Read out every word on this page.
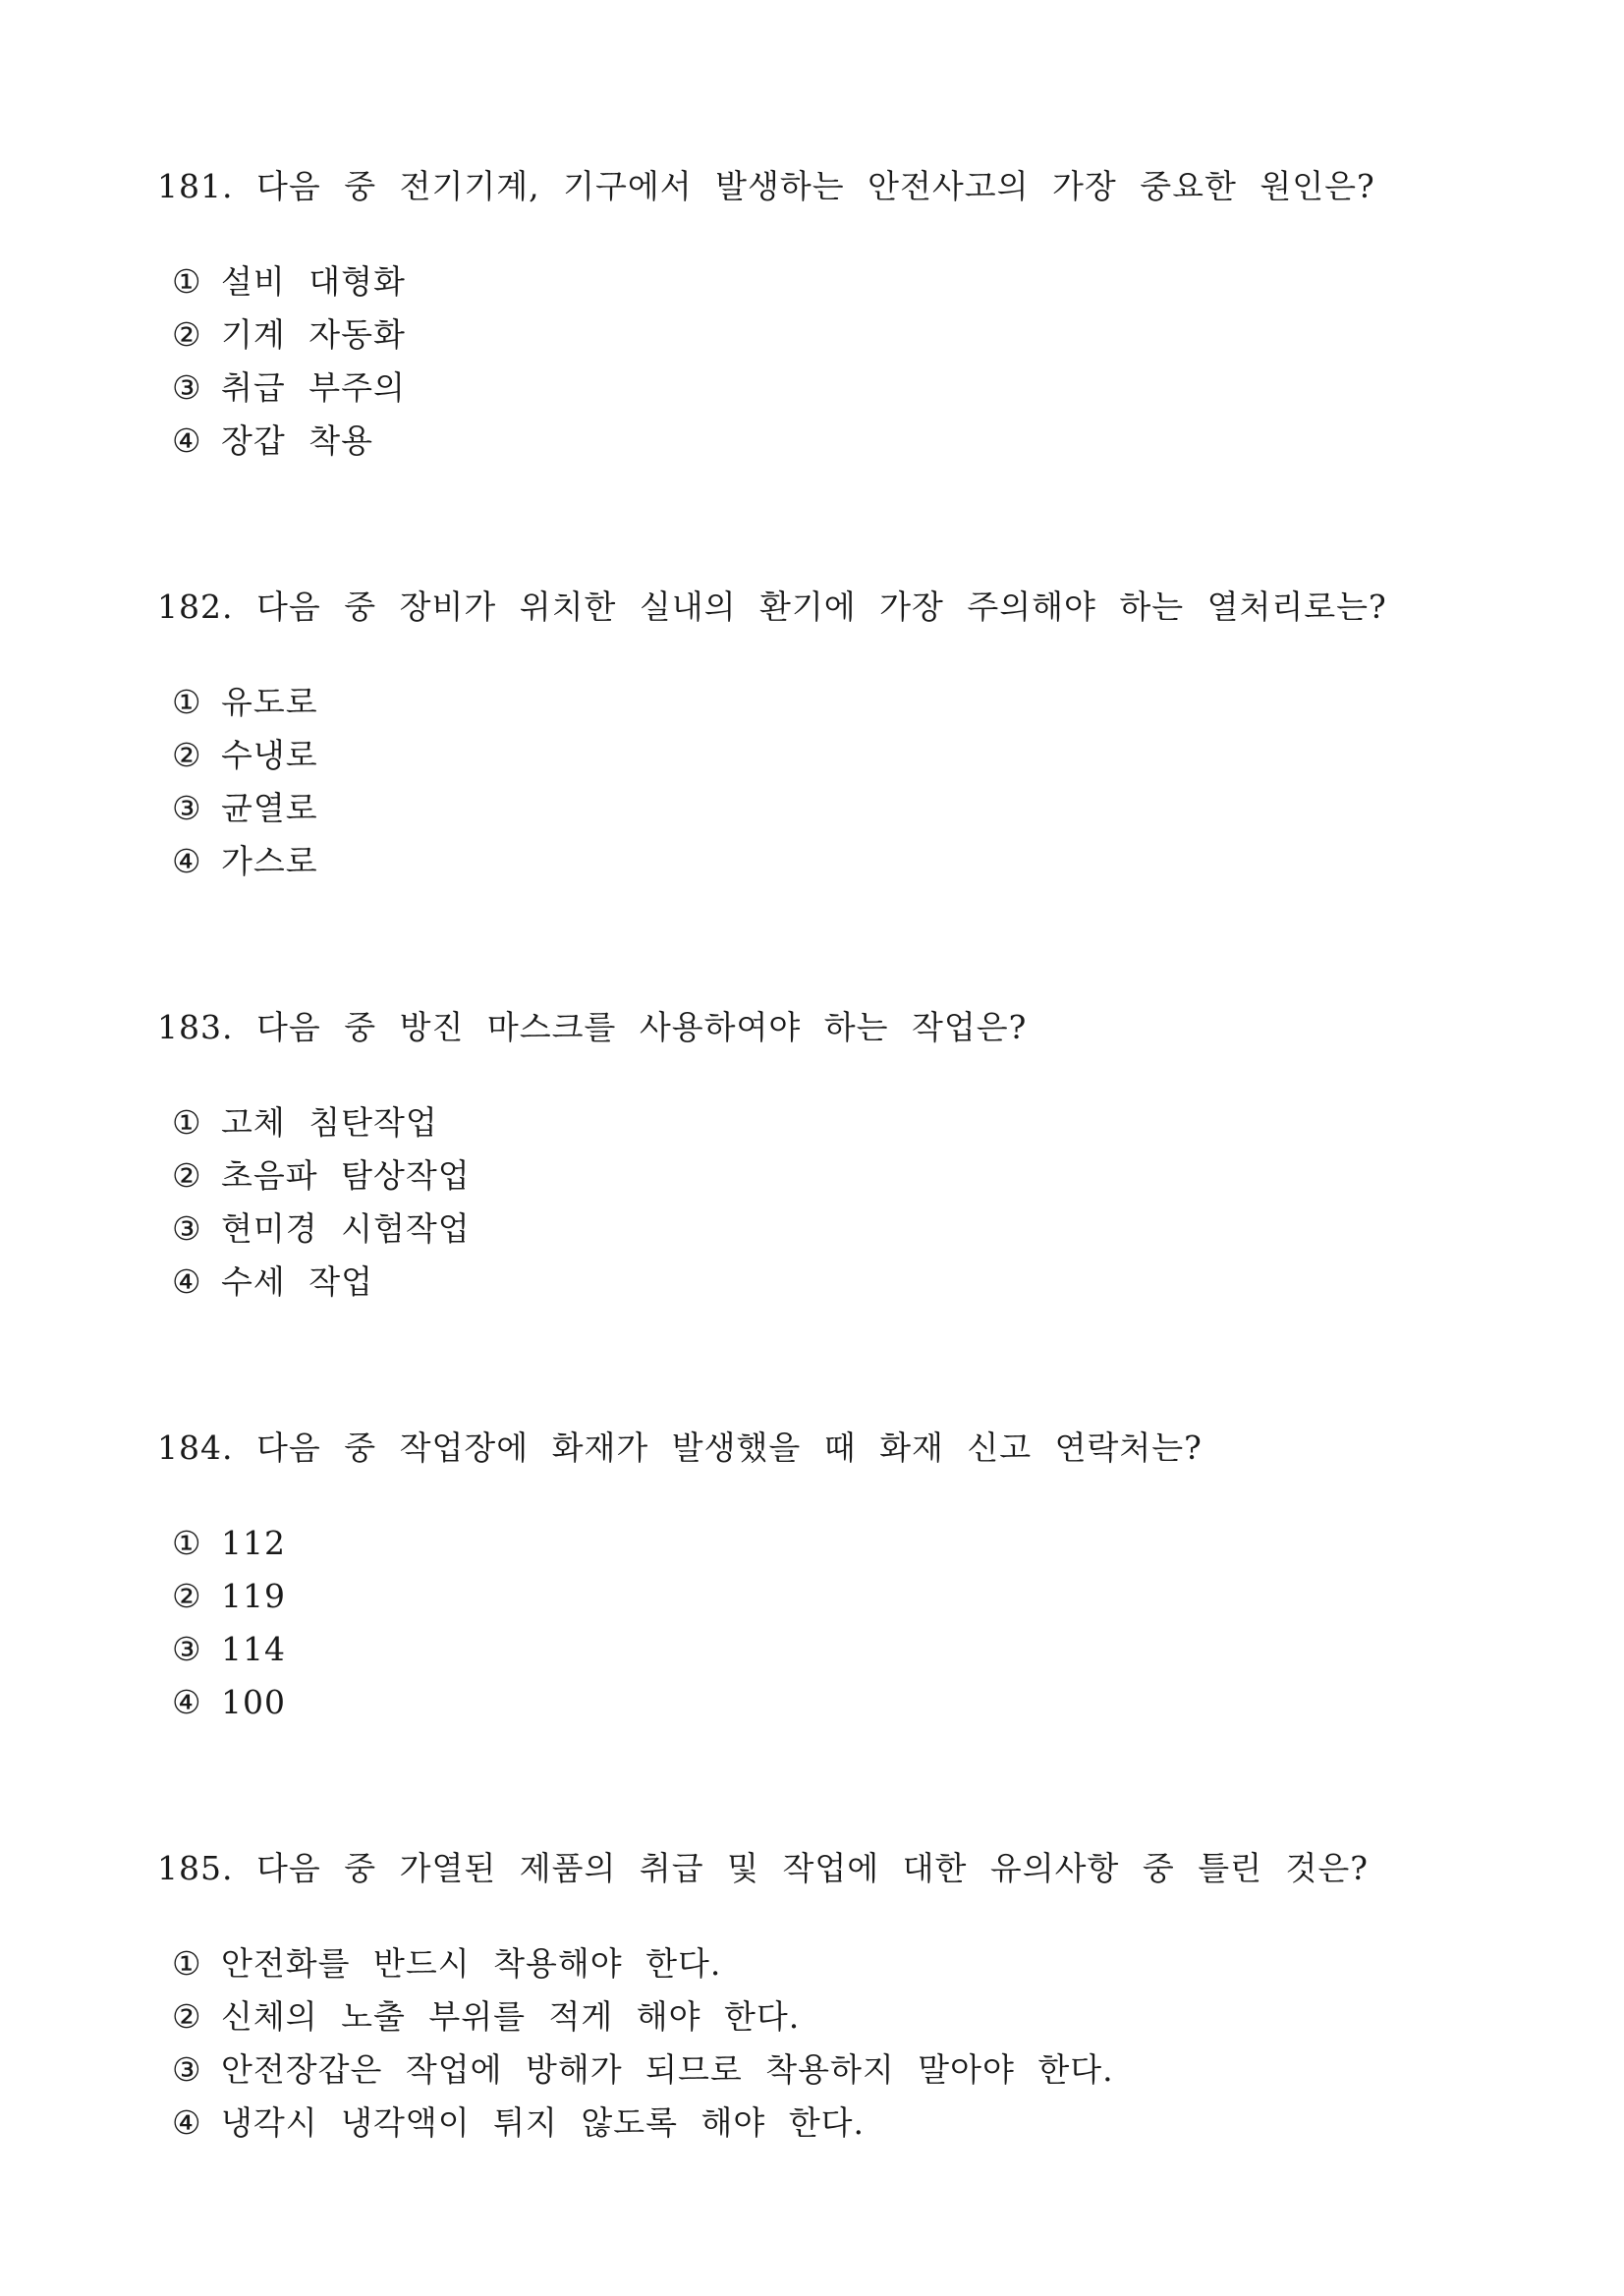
181. 다음 중 전기기계, 기구에서 발생하는 안전사고의 가장 중요한 원인은?
① 설비 대형화
② 기계 자동화
③ 취급 부주의
④ 장갑 착용
182. 다음 중 장비가 위치한 실내의 환기에 가장 주의해야 하는 열처리로는?
① 유도로
② 수냉로
③ 균열로
④ 가스로
183. 다음 중 방진 마스크를 사용하여야 하는 작업은?
① 고체 침탄작업
② 초음파 탐상작업
③ 현미경 시험작업
④ 수세 작업
184. 다음 중 작업장에 화재가 발생했을 때 화재 신고 연락처는?
① 112
② 119
③ 114
④ 100
185. 다음 중 가열된 제품의 취급 및 작업에 대한 유의사항 중 틀린 것은?
① 안전화를 반드시 착용해야 한다.
② 신체의 노출 부위를 적게 해야 한다.
③ 안전장갑은 작업에 방해가 되므로 착용하지 말아야 한다.
④ 냉각시 냉각액이 튀지 않도록 해야 한다.
